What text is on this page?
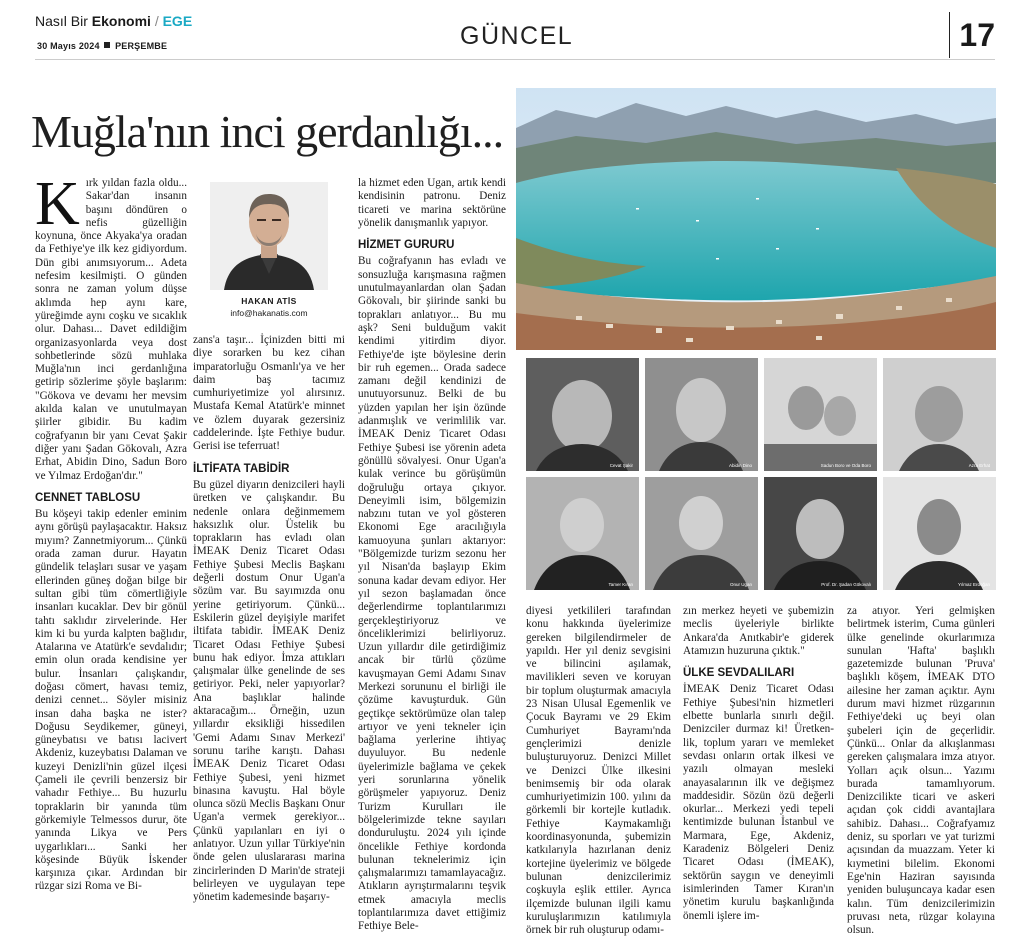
Nasıl Bir Ekonomi / EGE
30 Mayıs 2024 PERŞEMBE	GÜNCEL	17
Muğla'nın inci gerdanlığı...
K ırk yıldan fazla oldu... Sakar'dan insanın başını döndüren o nefis güzelliğin koynuna, önce Akyaka'ya oradan da Fethiye'ye ilk kez gidiyordum. Dün gibi anımsıyorum... Adeta nefesim kesilmişti. O günden sonra ne zaman yolum düşse aklımda hep aynı kare, yüreğimde aynı coşku ve sıcaklık olur. Dahası... Davet edildiğim organizasyonlarda veya dost sohbetlerinde sözü muhlaka Muğla'nın inci gerdanlığına getirip sözlerime şöyle başlarım: "Gökova ve devamı her mevsim akılda kalan ve unutulmayan şiirler gibidir. Bu kadim coğrafyanın bir yanı Cevat Şakir diğer yanı Şadan Gökovalı, Azra Erhat, Abidin Dino, Sadun Boro ve Yılmaz Erdoğan'dır."

CENNET TABLOSU

Bu köşeyi takip edenler eminim aynı görüşü paylaşacaktır. Haksız mıyım? Zannetmiyorum... Çünkü orada zaman durur. Hayatın gündelik telaşları susar ve yaşam ellerinden güneş doğan bilge bir sultan gibi tüm cömertliğiyle insanları kucaklar. Dev bir gönül tahtı saklıdır zirvelerinde. Her kim ki bu yurda kalpten bağlıdır, Atalarına ve Atatürk'e sevdalıdır; emin olun orada kendisine yer bulur. İnsanları çalışkandır, doğası cömert, havası temiz, denizi cennet... Söyler misiniz insan daha başka ne ister? Doğusu Seydikemer, güneyi, güneybatısı ve batısı lacivert Akdeniz, kuzeybatısı Dalaman ve kuzeyi Denizli'nin güzel ilçesi Çameli ile çevrili benzersiz bir vahadır Fethiye... Bu huzurlu topraklarin bir yanında tüm görkemiyle Telmessos durur, öte yanında Likya ve Pers uygarlıkları... Sanki her köşesinde Büyük İskender karşınıza çıkar. Ardından bir rüzgar sizi Roma ve Bi-

HAKAN ATİS
info@hakanatis.com

zans'a taşır... İçinizden bitti mi diye sorarken bu kez cihan imparatorluğu Osmanlı'ya ve her daim baş tacımız cumhuriyetimize yol alırsınız. Mustafa Kemal Atatürk'e minnet ve özlem duyarak gezersiniz caddelerinde. İşte Fethiye budur. Gerisi ise teferruat!

İLTİFATA TABİDİR

Bu güzel diyarın denizcileri hayli üretken ve çalışkandır. Bu nedenle onlara değinmemem haksızlık olur. Üstelik bu toprakların has evladı olan İMEAK Deniz Ticaret Odası Fethiye Şubesi Meclis Başkanı değerli dostum Onur Ugan'a sözüm var. Bu sayımızda onu yerine getiriyorum. Çünkü... Eskilerin güzel deyişiyle marifet iltifata tabidir. İMEAK Deniz Ticaret Odası Fethiye Şubesi bunu hak ediyor. İmza attıkları çalışmalar ülke genelinde de ses getiriyor. Peki, neler yapıyorlar? Ana başlıklar halinde aktaracağım... Örneğin, uzun yıllardır eksikliği hissedilen 'Gemi Adamı Sınav Merkezi' sorunu tarihe karıştı. Dahası İMEAK Deniz Ticaret Odası Fethiye Şubesi, yeni hizmet binasına kavuştu. Hal böyle olunca sözü Meclis Başkanı Onur Ugan'a vermek gerekiyor... Çünkü yapılanları en iyi o anlatıyor. Uzun yıllar Türkiye'nin önde gelen uluslararası marina zincirlerinden D Marin'de strateji belirleyen ve uygulayan tepe yönetim kademesinde başarıy-

la hizmet eden Ugan, artık kendi kendisinin patronu. Deniz ticareti ve marina sektörüne yönelik danışmanlık yapıyor.

HİZMET GURURU

Bu coğrafyanın has evladı ve sonsuzluğa karışmasına rağmen unutulmayanlardan olan Şadan Gökovalı, bir şiirinde sanki bu toprakları anlatıyor... Bu mu aşk? Seni bulduğum vakit kendimi yitirdim diyor. Fethiye'de işte böylesine derin bir ruh egemen... Orada sadece zamanı değil kendinizi de unutuyorsunuz. Belki de bu yüzden yapılan her işin özünde adanmışlık ve verimlilik var. İMEAK Deniz Ticaret Odası Fethiye Şubesi ise yörenin adeta gönüllü sövalyesi. Onur Ugan'a kulak verince bu görüşümün doğruluğu ortaya çıkıyor. Deneyimli isim, bölgemizin nabzını tutan ve yol gösteren Ekonomi Ege aracılığıyla kamuoyuna şunları aktarıyor: "Bölgemizde turizm sezonu her yıl Nisan'da başlayıp Ekim sonuna kadar devam ediyor. Her yıl sezon başlamadan önce değerlendirme toplantılarımızı gerçekleştiriyoruz ve önceliklerimizi belirliyoruz. Uzun yıllardır dile getirdiğimiz ancak bir türlü çözüme kavuşmayan Gemi Adamı Sınav Merkezi sorununu el birliği ile çözüme kavuşturduk. Gün geçtikçe sektörümüze olan talep artıyor ve yeni tekneler için bağlama yerlerine ihtiyaç duyuluyor. Bu nedenle üyelerimizle bağlama ve çekek yeri sorunlarına yönelik görüşmeler yapıyoruz. Deniz Turizm Kurulları ile bölgelerimizde tekne sayıları donduruluştu. 2024 yılı içinde öncelikle Fethiye kordonda bulunan teknelerimiz için çalışmalarımızı tamamlayacağız. Atıkların ayrıştırmalarını teşvik etmek amacıyla meclis toplantılarımıza davet ettiğimiz Fethiye Bele-

Cevat Şakir	Abidin Dino	Sadun Boro ve Oda Boro	Azra Erhat
Tamer Kıran	Onur Ugan	Prof. Dr. Şadan Gökovalı	Yılmaz Erdoğan

diyesi yetkilileri tarafından konu hakkında üyelerimize gereken bilgilendirmeler de yapıldı. Her yıl deniz sevgisini ve bilincini aşılamak, mavilikleri seven ve koruyan bir toplum oluşturmak amacıyla 23 Nisan Ulusal Egemenlik ve Çocuk Bayramı ve 29 Ekim Cumhuriyet Bayramı'nda gençlerimizi denizle buluşturuyoruz. Denizci Millet ve Denizci Ülke ilkesini benimsemiş bir oda olarak cumhuriyetimizin 100. yılını da görkemli bir kortejle kutladık. Fethiye Kaymakamlığı koordinasyonunda, şubemizin katkılarıyla hazırlanan deniz kortejine üyelerimiz ve bölgede bulunan denizcilerimiz coşkuyla eşlik ettiler. Ayrıca ilçemizde bulunan ilgili kamu kuruluşlarımızın katılımıyla örnek bir ruh oluşturup odamı-

zın merkez heyeti ve şubemizin meclis üyeleriyle birlikte Ankara'da Anıtkabir'e giderek Atamızın huzuruna çıktık."

ÜLKE SEVDALILARI

İMEAK Deniz Ticaret Odası Fethiye Şubesi'nin hizmetleri elbette bunlarla sınırlı değil. Denizciler durmaz ki! Üretken-lik, toplum yararı ve memleket sevdası onların ortak ilkesi ve yazılı olmayan mesleki anayasalarının ilk ve değişmez maddesidir. Sözün özü değerli okurlar... Merkezi yedi tepeli kentimizde bulunan İstanbul ve Marmara, Ege, Akdeniz, Karadeniz Bölgeleri Deniz Ticaret Odası (İMEAK), sektörün saygın ve deneyimli isimlerinden Tamer Kıran'ın yönetim kurulu başkanlığında önemli işlere im-

za atıyor. Yeri gelmişken belirtmek isterim, Cuma günleri ülke genelinde okurlarımıza sunulan 'Hafta' başlıklı gazetemizde bulunan 'Pruva' başlıklı köşem, İMEAK DTO ailesine her zaman açıktır. Aynı durum mavi hizmet rüzgarının Fethiye'deki uç beyi olan şubeleri için de geçerlidir. Çünkü... Onlar da alkışlanması gereken çalışmalara imza atıyor. Yolları açık olsun... Yazımı burada tamamlıyorum. Denizcilikte ticari ve askeri açıdan çok ciddi avantajlara sahibiz. Dahası... Coğrafyamız deniz, su sporları ve yat turizmi açısından da muazzam. Yeter ki kıymetini bilelim. Ekonomi Ege'nin Haziran sayısında yeniden buluşuncaya kadar esen kalın. Tüm denizcilerimizin pruvası neta, rüzgar kolayına olsun.
